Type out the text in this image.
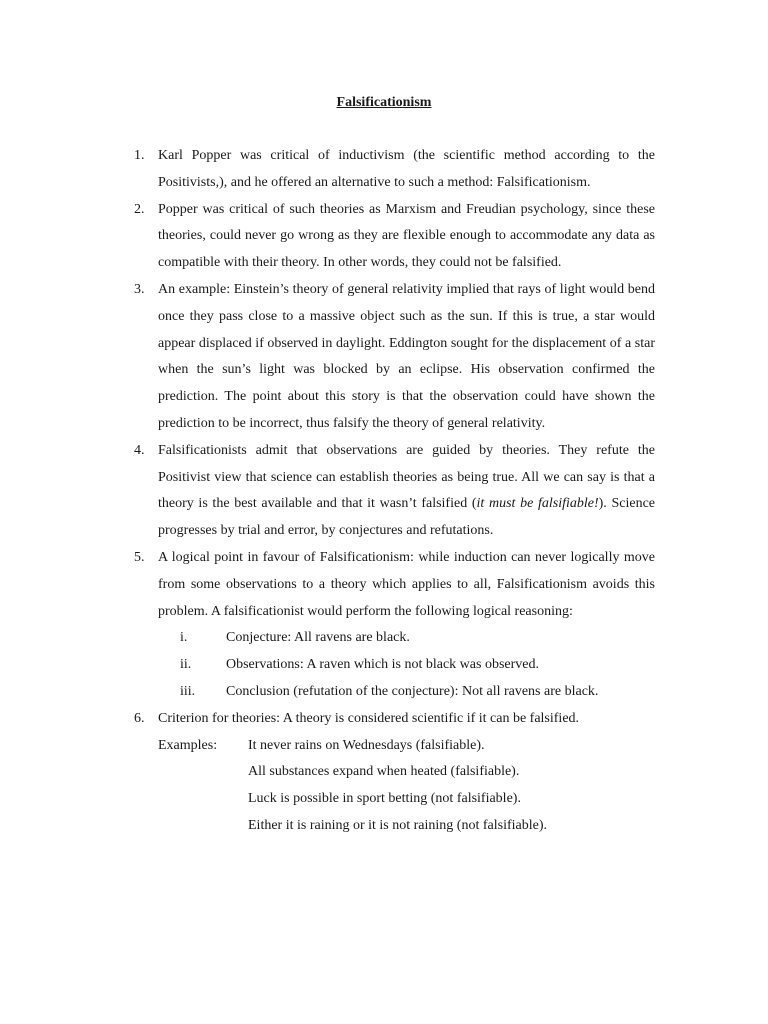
Falsificationism
1. Karl Popper was critical of inductivism (the scientific method according to the Positivists,), and he offered an alternative to such a method: Falsificationism.
2. Popper was critical of such theories as Marxism and Freudian psychology, since these theories, could never go wrong as they are flexible enough to accommodate any data as compatible with their theory. In other words, they could not be falsified.
3. An example: Einstein’s theory of general relativity implied that rays of light would bend once they pass close to a massive object such as the sun. If this is true, a star would appear displaced if observed in daylight. Eddington sought for the displacement of a star when the sun’s light was blocked by an eclipse. His observation confirmed the prediction. The point about this story is that the observation could have shown the prediction to be incorrect, thus falsify the theory of general relativity.
4. Falsificationists admit that observations are guided by theories. They refute the Positivist view that science can establish theories as being true. All we can say is that a theory is the best available and that it wasn’t falsified (it must be falsifiable!). Science progresses by trial and error, by conjectures and refutations.
5. A logical point in favour of Falsificationism: while induction can never logically move from some observations to a theory which applies to all, Falsificationism avoids this problem. A falsificationist would perform the following logical reasoning:
i.	Conjecture: All ravens are black.
ii. Observations: A raven which is not black was observed.
iii. Conclusion (refutation of the conjecture): Not all ravens are black.
6. Criterion for theories: A theory is considered scientific if it can be falsified.
Examples: It never rains on Wednesdays (falsifiable).
All substances expand when heated (falsifiable).
Luck is possible in sport betting (not falsifiable).
Either it is raining or it is not raining (not falsifiable).
